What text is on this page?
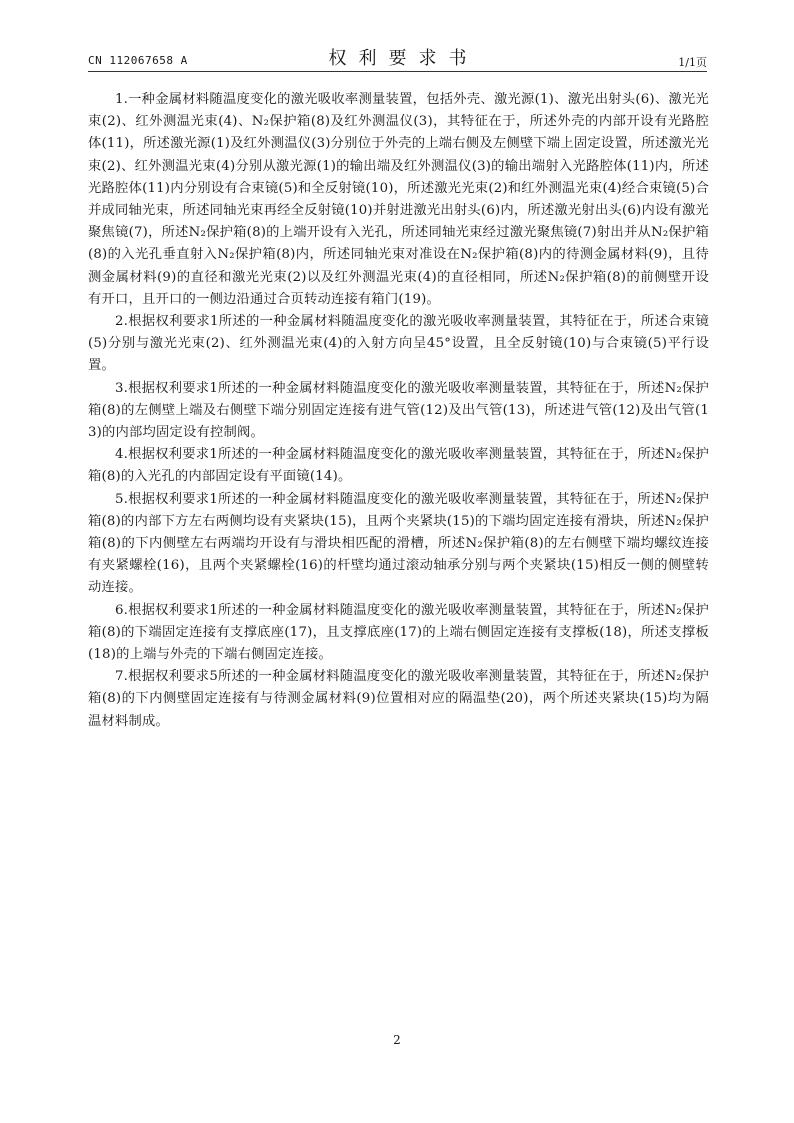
CN 112067658 A	权利要求书	1/1页

1.一种金属材料随温度变化的激光吸收率测量装置，包括外壳、激光源(1)、激光出射头(6)、激光光束(2)、红外测温光束(4)、N₂保护箱(8)及红外测温仪(3)，其特征在于，所述外壳的内部开设有光路腔体(11)，所述激光源(1)及红外测温仪(3)分别位于外壳的上端右侧及左侧壁下端上固定设置，所述激光光束(2)、红外测温光束(4)分别从激光源(1)的输出端及红外测温仪(3)的输出端射入光路腔体(11)内，所述光路腔体(11)内分别设有合束镜(5)和全反射镜(10)，所述激光光束(2)和红外测温光束(4)经合束镜(5)合并成同轴光束，所述同轴光束再经全反射镜(10)并射进激光出射头(6)内，所述激光射出头(6)内设有激光聚焦镜(7)，所述N₂保护箱(8)的上端开设有入光孔，所述同轴光束经过激光聚焦镜(7)射出并从N₂保护箱(8)的入光孔垂直射入N₂保护箱(8)内，所述同轴光束对准设在N₂保护箱(8)内的待测金属材料(9)，且待测金属材料(9)的直径和激光光束(2)以及红外测温光束(4)的直径相同，所述N₂保护箱(8)的前侧壁开设有开口，且开口的一侧边沿通过合页转动连接有箱门(19)。

2.根据权利要求1所述的一种金属材料随温度变化的激光吸收率测量装置，其特征在于，所述合束镜(5)分别与激光光束(2)、红外测温光束(4)的入射方向呈45°设置，且全反射镜(10)与合束镜(5)平行设置。

3.根据权利要求1所述的一种金属材料随温度变化的激光吸收率测量装置，其特征在于，所述N₂保护箱(8)的左侧壁上端及右侧壁下端分别固定连接有进气管(12)及出气管(13)，所述进气管(12)及出气管(13)的内部均固定设有控制阀。

4.根据权利要求1所述的一种金属材料随温度变化的激光吸收率测量装置，其特征在于，所述N₂保护箱(8)的入光孔的内部固定设有平面镜(14)。

5.根据权利要求1所述的一种金属材料随温度变化的激光吸收率测量装置，其特征在于，所述N₂保护箱(8)的内部下方左右两侧均设有夹紧块(15)，且两个夹紧块(15)的下端均固定连接有滑块，所述N₂保护箱(8)的下内侧壁左右两端均开设有与滑块相匹配的滑槽，所述N₂保护箱(8)的左右侧壁下端均螺纹连接有夹紧螺栓(16)，且两个夹紧螺栓(16)的杆壁均通过滚动轴承分别与两个夹紧块(15)相反一侧的侧壁转动连接。

6.根据权利要求1所述的一种金属材料随温度变化的激光吸收率测量装置，其特征在于，所述N₂保护箱(8)的下端固定连接有支撑底座(17)，且支撑底座(17)的上端右侧固定连接有支撑板(18)，所述支撑板(18)的上端与外壳的下端右侧固定连接。

7.根据权利要求5所述的一种金属材料随温度变化的激光吸收率测量装置，其特征在于，所述N₂保护箱(8)的下内侧壁固定连接有与待测金属材料(9)位置相对应的隔温垫(20)，两个所述夹紧块(15)均为隔温材料制成。

2
